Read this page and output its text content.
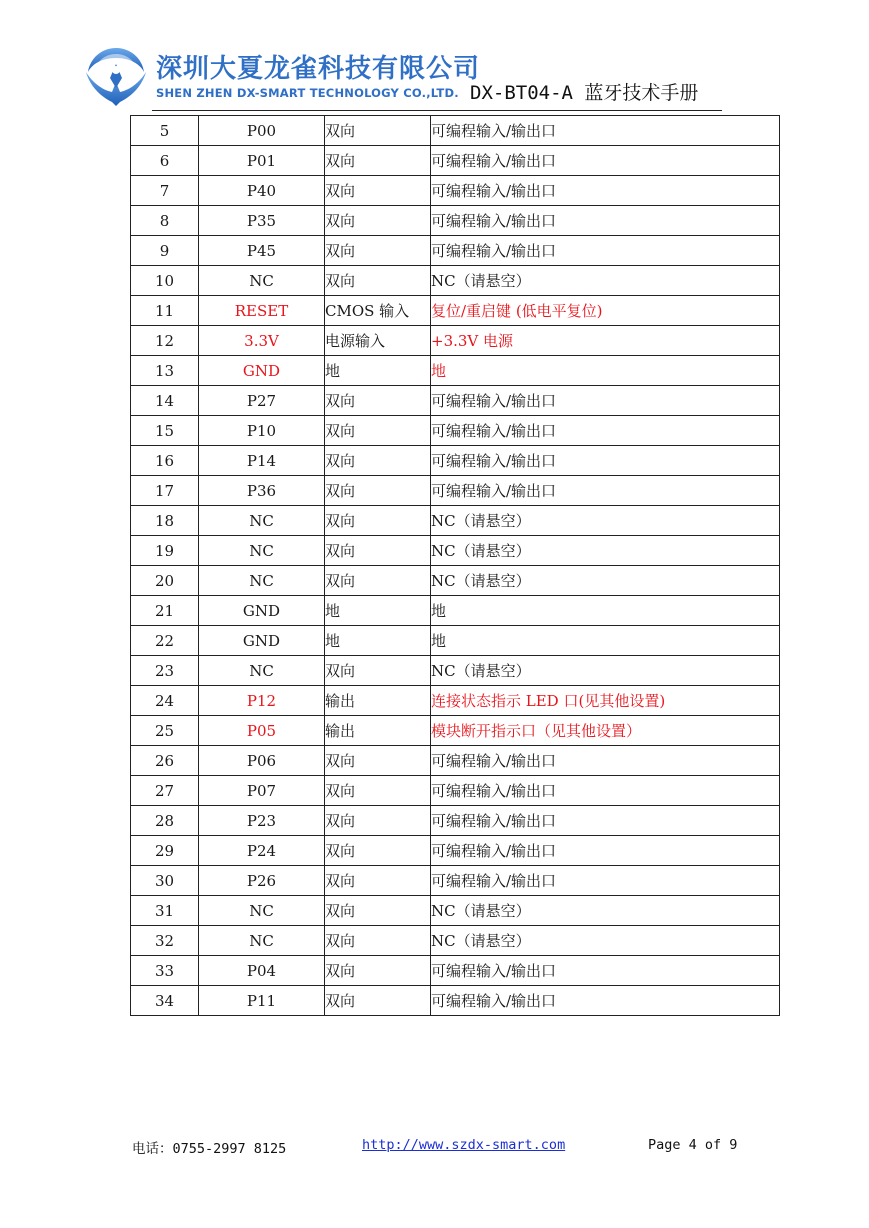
深圳大夏龙雀科技有限公司
SHEN ZHEN DX-SMART TECHNOLOGY CO.,LTD. DX-BT04-A 蓝牙技术手册
5	P00	双向	可编程输入/输出口
6	P01	双向	可编程输入/输出口
7	P40	双向	可编程输入/输出口
8	P35	双向	可编程输入/输出口
9	P45	双向	可编程输入/输出口
10	NC	双向	NC（请悬空）
11	RESET	CMOS 输入	复位/重启键 (低电平复位)
12	3.3V	电源输入	+3.3V 电源
13	GND	地	地
14	P27	双向	可编程输入/输出口
15	P10	双向	可编程输入/输出口
16	P14	双向	可编程输入/输出口
17	P36	双向	可编程输入/输出口
18	NC	双向	NC（请悬空）
19	NC	双向	NC（请悬空）
20	NC	双向	NC（请悬空）
21	GND	地	地
22	GND	地	地
23	NC	双向	NC（请悬空）
24	P12	输出	连接状态指示 LED 口(见其他设置)
25	P05	输出	模块断开指示口（见其他设置）
26	P06	双向	可编程输入/输出口
27	P07	双向	可编程输入/输出口
28	P23	双向	可编程输入/输出口
29	P24	双向	可编程输入/输出口
30	P26	双向	可编程输入/输出口
31	NC	双向	NC（请悬空）
32	NC	双向	NC（请悬空）
33	P04	双向	可编程输入/输出口
34	P11	双向	可编程输入/输出口
电话：0755-2997 8125	http://www.szdx-smart.com	Page 4 of 9
